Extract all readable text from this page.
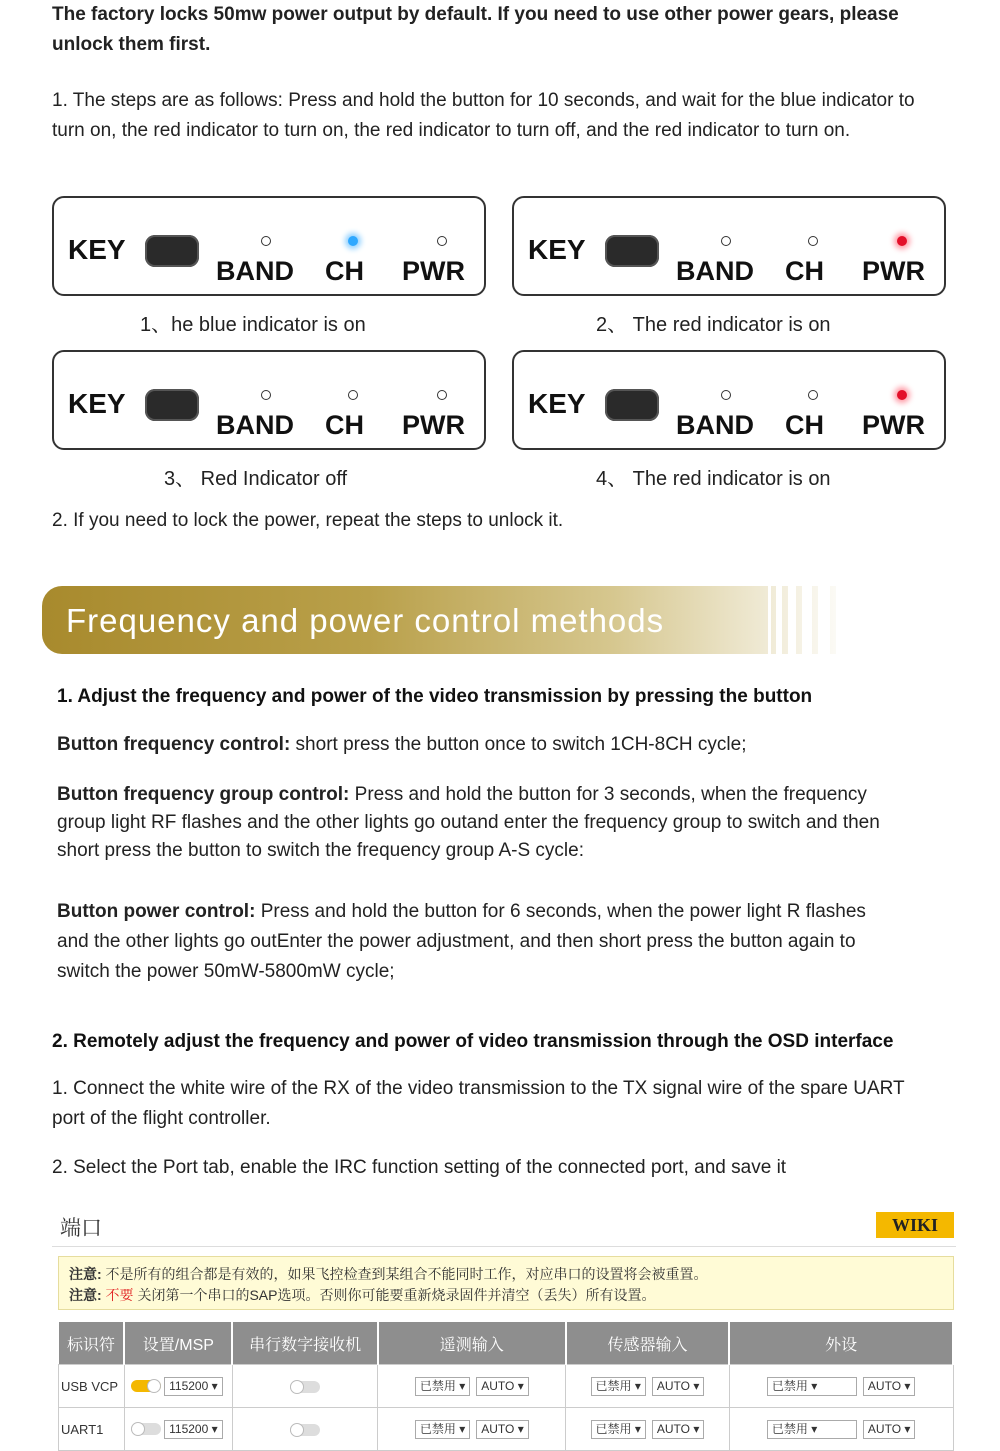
The factory locks 50mw power output by default. If you need to use other power gears, please unlock them first.
1. The steps are as follows: Press and hold the button for 10 seconds, and wait for the blue indicator to turn on, the red indicator to turn on, the red indicator to turn off, and the red indicator to turn on.
KEY
BAND CH PWR
1、he blue indicator is on
KEY
BAND CH PWR
2、 The red indicator is on
KEY
BAND CH PWR
3、 Red Indicator off
KEY
BAND CH PWR
4、 The red indicator is on
2. If you need to lock the power, repeat the steps to unlock it.
Frequency and power control methods
1. Adjust the frequency and power of the video transmission by pressing the button
Button frequency control: short press the button once to switch 1CH-8CH cycle;
Button frequency group control: Press and hold the button for 3 seconds, when the frequency group light RF flashes and the other lights go outand enter the frequency group to switch and then short press the button to switch the frequency group A-S cycle:
Button power control: Press and hold the button for 6 seconds, when the power light R flashes and the other lights go outEnter the power adjustment, and then short press the button again to switch the power 50mW-5800mW cycle;
2. Remotely adjust the frequency and power of video transmission through the OSD interface
1. Connect the white wire of the RX of the video transmission to the TX signal wire of the spare UART port of the flight controller.
2. Select the Port tab, enable the IRC function setting of the connected port, and save it
端口	WIKI
注意: 不是所有的组合都是有效的，如果飞控检查到某组合不能同时工作，对应串口的设置将会被重置。
注意: 不要 关闭第一个串口的SAP选项。否则你可能要重新烧录固件并清空（丢失）所有设置。
标识符	设置/MSP	串行数字接收机	遥测输入	传感器输入	外设
USB VCP	115200 ▾		已禁用 ▾ AUTO ▾	已禁用 ▾ AUTO ▾	已禁用 ▾ AUTO ▾
UART1	115200 ▾		已禁用 ▾ AUTO ▾	已禁用 ▾ AUTO ▾	已禁用 ▾ AUTO ▾
